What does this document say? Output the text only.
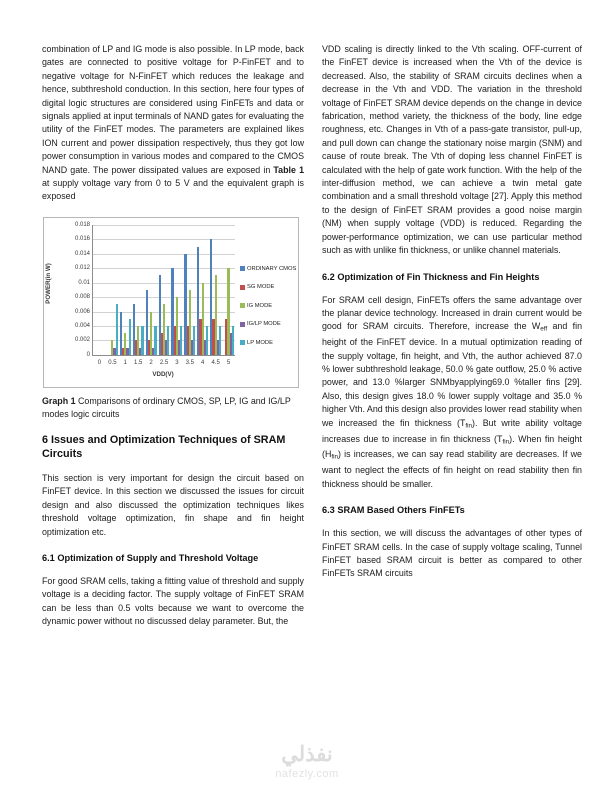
combination of LP and IG mode is also possible. In LP mode, back gates are connected to positive voltage for P-FinFET and to negative voltage for N-FinFET which reduces the leakage and hence, subthreshold conduction. In this section, here four types of digital logic structures are considered using FinFETs and data or signals applied at input terminals of NAND gates for evaluating the utility of the FinFET modes. The parameters are explained likes ION current and power dissipation respectively, thus they got low power consumption in various modes and compared to the CMOS NAND gate. The power dissipated values are exposed in Table 1 at supply voltage vary from 0 to 5 V and the equivalent graph is exposed

POWER(in W)
0
0.002
0.004
0.006
0.008
0.01
0.012
0.014
0.016
0.018
0 0.5 1 1.5 2 2.5 3 3.5 4 4.5 5
VDD(V)
ORDINARY CMOS
SG MODE
IG MODE
IG/LP MODE
LP MODE

Graph 1 Comparisons of ordinary CMOS, SP, LP, IG and IG/LP modes logic circuits

6 Issues and Optimization Techniques of SRAM Circuits

This section is very important for design the circuit based on FinFET device. In this section we discussed the issues for circuit design and also discussed the optimization techniques likes threshold voltage optimization, fin shape and fin height optimization etc.

6.1 Optimization of Supply and Threshold Voltage

For good SRAM cells, taking a fitting value of threshold and supply voltage is a deciding factor. The supply voltage of FinFET SRAM can be less than 0.5 volts because we want to overcome the dynamic power without no discussed delay parameter. But, the

VDD scaling is directly linked to the Vth scaling. OFF-current of the FinFET device is increased when the Vth of the device is decreased. Also, the stability of SRAM circuits declines when a decrease in the Vth and VDD. The variation in the threshold voltage of FinFET SRAM device depends on the change in device fabrication, method variety, the thickness of the body, line edge roughness, etc. Changes in Vth of a pass-gate transistor, pull-up, and pull down can change the stationary noise margin (SNM) and cause of route break. The Vth of doping less channel FinFET is calculated with the help of gate work function. With the help of the inter-diffusion method, we can achieve a twin metal gate combination and a small threshold voltage [27]. Apply this method to the design of FinFET SRAM provides a good noise margin (NM) when supply voltage (VDD) is reduced. Regarding the power-performance optimization, we can use particular method such as with unlike fin thickness, or unlike channel materials.

6.2 Optimization of Fin Thickness and Fin Heights

For SRAM cell design, FinFETs offers the same advantage over the planar device technology. Increased in drain current would be good for SRAM circuits. Therefore, increase the $W_{eff}$ and fin height of the FinFET device. In a mutual optimization reading of the supply voltage, fin height, and Vth, the author achieved 87.0 % lower subthreshold leakage, 50.0 % gate outflow, 25.0 % active power, and 13.0 %larger SNMbyapplying69.0 %taller fins [29]. Also, this design gives 18.0 % lower supply voltage and 35.0 % higher Vth. And this design also provides lower read stability when we increased the fin thickness $(T_{fin})$. But write ability voltage increases due to increase in fin thickness $(T_{fin})$. When fin height $(H_{fin})$ is increases, we can say read stability are decreases. If we want to neglect the effects of fin height on read stability then fin thickness should be smaller.

6.3 SRAM Based Others FinFETs

In this section, we will discuss the advantages of other types of FinFET SRAM cells. In the case of supply voltage scaling, Tunnel FinFET based SRAM circuit is better as compared to other FinFETs SRAM circuits

نفذلي
nafezly.com
